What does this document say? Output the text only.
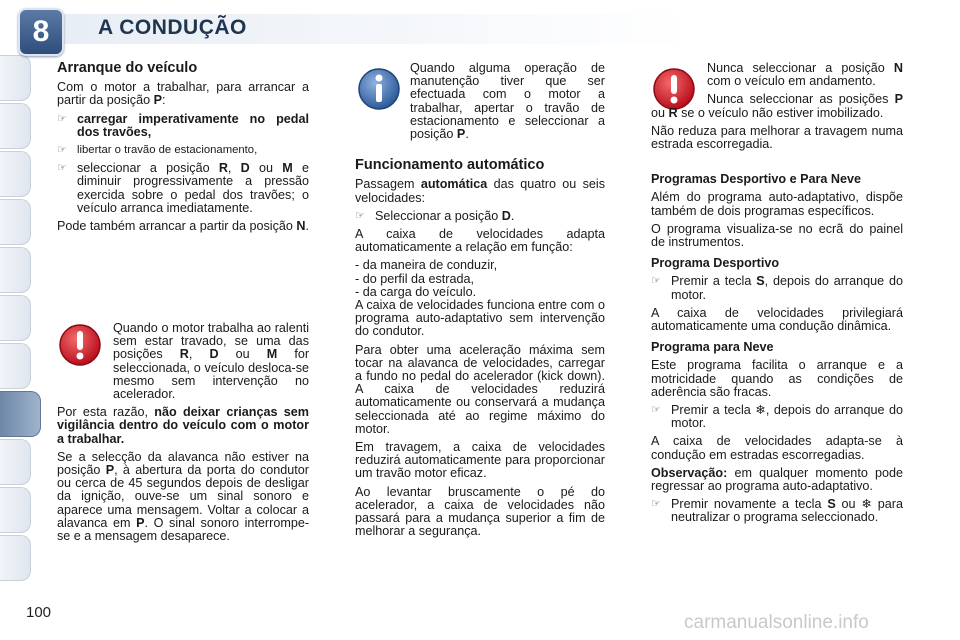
8	A CONDUÇÃO
Arranque do veículo

Com o motor a trabalhar, para arrancar a partir da posição P:

☞ carregar imperativamente no pedal dos travões,
☞ libertar o travão de estacionamento,
☞ seleccionar a posição R, D ou M e diminuir progressivamente a pressão exercida sobre o pedal dos travões; o veículo arranca imediatamente.

Pode também arrancar a partir da posição N.

Quando o motor trabalha ao ralenti sem estar travado, se uma das posições R, D ou M for seleccionada, o veículo desloca-se mesmo sem intervenção no acelerador.

Por esta razão, não deixar crianças sem vigilância dentro do veículo com o motor a trabalhar.

Se a selecção da alavanca não estiver na posição P, à abertura da porta do condutor ou cerca de 45 segundos depois de desligar da ignição, ouve-se um sinal sonoro e aparece uma mensagem. Voltar a colocar a alavanca em P. O sinal sonoro interrompe-se e a mensagem desaparece.

Quando alguma operação de manutenção tiver que ser efectuada com o motor a trabalhar, apertar o travão de estacionamento e seleccionar a posição P.

Funcionamento automático

Passagem automática das quatro ou seis velocidades:

☞ Seleccionar a posição D.

A caixa de velocidades adapta automaticamente a relação em função:

- da maneira de conduzir,
- do perfil da estrada,
- da carga do veículo.

A caixa de velocidades funciona entre com o programa auto-adaptativo sem intervenção do condutor.

Para obter uma aceleração máxima sem tocar na alavanca de velocidades, carregar a fundo no pedal do acelerador (kick down). A caixa de velocidades reduzirá automaticamente ou conservará a mudança seleccionada até ao regime máximo do motor.

Em travagem, a caixa de velocidades reduzirá automaticamente para proporcionar um travão motor eficaz.

Ao levantar bruscamente o pé do acelerador, a caixa de velocidades não passará para a mudança superior a fim de melhorar a segurança.

Nunca seleccionar a posição N com o veículo em andamento.

Nunca seleccionar as posições P ou R se o veículo não estiver imobilizado.

Não reduza para melhorar a travagem numa estrada escorregadia.

Programas Desportivo e Para Neve

Além do programa auto-adaptativo, dispõe também de dois programas específicos.

O programa visualiza-se no ecrã do painel de instrumentos.

Programa Desportivo
☞ Premir a tecla S, depois do arranque do motor.

A caixa de velocidades privilegiará automaticamente uma condução dinâmica.

Programa para Neve

Este programa facilita o arranque e a motricidade quando as condições de aderência são fracas.

☞ Premir a tecla ❄, depois do arranque do motor.

A caixa de velocidades adapta-se à condução em estradas escorregadias.

Observação: em qualquer momento pode regressar ao programa auto-adaptativo.

☞ Premir novamente a tecla S ou ❄ para neutralizar o programa seleccionado.
100	carmanualsonline.info
